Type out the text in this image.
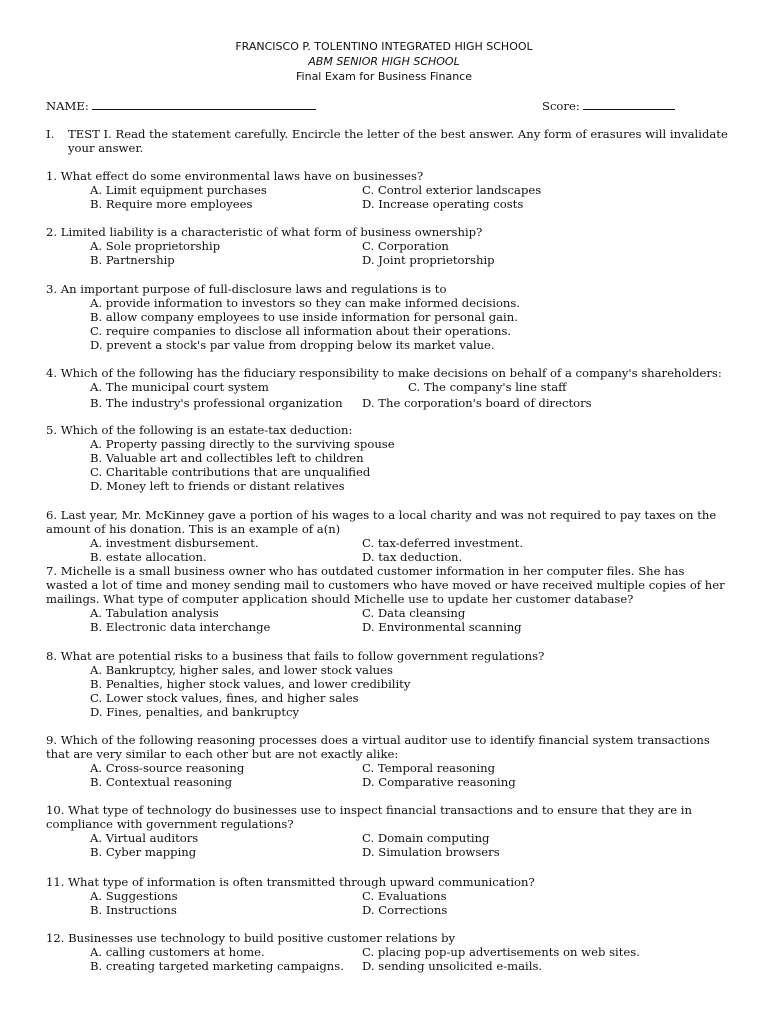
FRANCISCO P. TOLENTINO INTEGRATED HIGH SCHOOL
ABM SENIOR HIGH SCHOOL
Final Exam for Business Finance
NAME:	Score:
I. TEST I. Read the statement carefully. Encircle the letter of the best answer. Any form of erasures will invalidate
your answer.
1. What effect do some environmental laws have on businesses?
A. Limit equipment purchases	C. Control exterior landscapes
B. Require more employees	D. Increase operating costs
2. Limited liability is a characteristic of what form of business ownership?
A. Sole proprietorship	C. Corporation
B. Partnership	D. Joint proprietorship
3. An important purpose of full-disclosure laws and regulations is to
A. provide information to investors so they can make informed decisions.
B. allow company employees to use inside information for personal gain.
C. require companies to disclose all information about their operations.
D. prevent a stock's par value from dropping below its market value.
4. Which of the following has the fiduciary responsibility to make decisions on behalf of a company's shareholders:
A. The municipal court system	C. The company's line staff
B. The industry's professional organization D. The corporation's board of directors
5. Which of the following is an estate-tax deduction:
A. Property passing directly to the surviving spouse
B. Valuable art and collectibles left to children
C. Charitable contributions that are unqualified
D. Money left to friends or distant relatives
6. Last year, Mr. McKinney gave a portion of his wages to a local charity and was not required to pay taxes on the
amount of his donation. This is an example of a(n)
A. investment disbursement.	C. tax-deferred investment.
B. estate allocation.	D. tax deduction.
7. Michelle is a small business owner who has outdated customer information in her computer files. She has
wasted a lot of time and money sending mail to customers who have moved or have received multiple copies of her
mailings. What type of computer application should Michelle use to update her customer database?
A. Tabulation analysis	C. Data cleansing
B. Electronic data interchange	D. Environmental scanning
8. What are potential risks to a business that fails to follow government regulations?
A. Bankruptcy, higher sales, and lower stock values
B. Penalties, higher stock values, and lower credibility
C. Lower stock values, fines, and higher sales
D. Fines, penalties, and bankruptcy
9. Which of the following reasoning processes does a virtual auditor use to identify financial system transactions
that are very similar to each other but are not exactly alike:
A. Cross-source reasoning	C. Temporal reasoning
B. Contextual reasoning	D. Comparative reasoning
10. What type of technology do businesses use to inspect financial transactions and to ensure that they are in
compliance with government regulations?
A. Virtual auditors	C. Domain computing
B. Cyber mapping	D. Simulation browsers
11. What type of information is often transmitted through upward communication?
A. Suggestions	C. Evaluations
B. Instructions	D. Corrections
12. Businesses use technology to build positive customer relations by
A. calling customers at home.	C. placing pop-up advertisements on web sites.
B. creating targeted marketing campaigns. D. sending unsolicited e-mails.
